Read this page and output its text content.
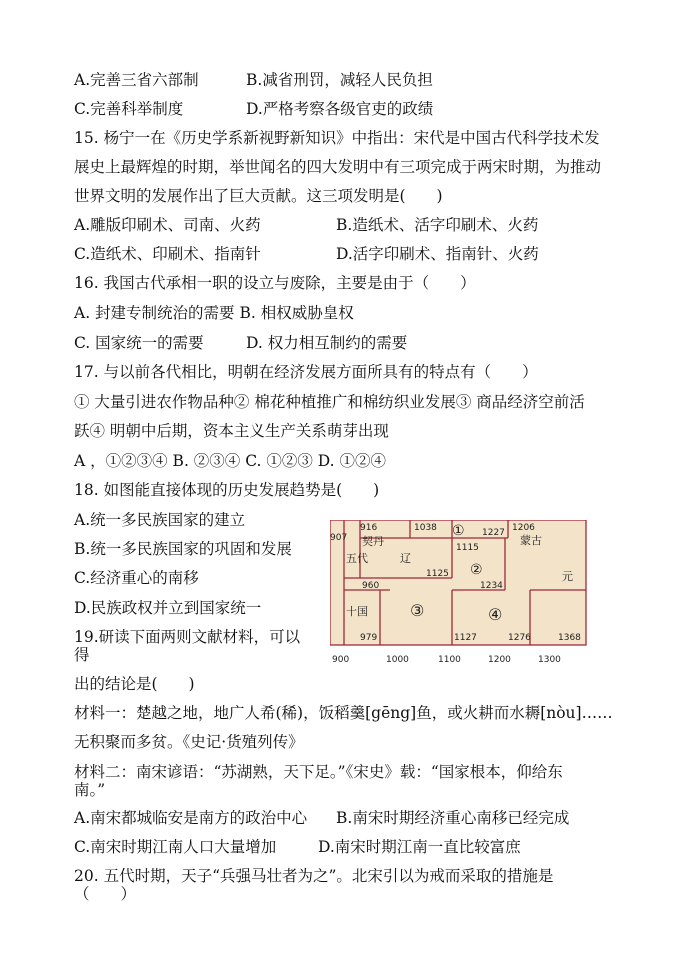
A.完善三省六部制	B.减省刑罚，减轻人民负担
C.完善科举制度	D.严格考察各级官吏的政绩
15. 杨宁一在《历史学系新视野新知识》中指出：宋代是中国古代科学技术发
展史上最辉煌的时期，举世闻名的四大发明中有三项完成于两宋时期，为推动
世界文明的发展作出了巨大贡献。这三项发明是(　　)
A.雕版印刷术、司南、火药	B.造纸术、活字印刷术、火药
C.造纸术、印刷术、指南针	D.活字印刷术、指南针、火药
16. 我国古代承相一职的设立与废除，主要是由于（　　）
A. 封建专制统治的需要 B. 相权威胁皇权
C. 国家统一的需要	D. 权力相互制约的需要
17. 与以前各代相比，明朝在经济发展方面所具有的特点有（　　）
① 大量引进农作物品种② 棉花种植推广和棉纺织业发展③ 商品经济空前活
跃④ 明朝中后期，资本主义生产关系萌芽出现
A ，①②③④ B. ②③④ C. ①②③ D. ①②④
18. 如图能直接体现的历史发展趋势是(　　)
A.统一多民族国家的建立
B.统一多民族国家的巩固和发展
C.经济重心的南移
D.民族政权并立到国家统一
907
916
契丹
1038 ① 1227 1206
蒙古
辽
1115
②
1125
1234
元
五代
960
十国	③	④
979	1127	1276	1368
900	1000	1100	1200	1300
19.研读下面两则文献材料，可以
得
出的结论是(　　)
材料一：楚越之地，地广人希(稀)，饭稻羹[gēng]鱼，或火耕而水耨[nòu]……
无积聚而多贫。《史记·货殖列传》
材料二：南宋谚语：“苏湖熟，天下足。”《宋史》载：“国家根本，仰给东
南。”
A.南宋都城临安是南方的政治中心 B.南宋时期经济重心南移已经完成
C.南宋时期江南人口大量增加	D.南宋时期江南一直比较富庶
20. 五代时期，天子“兵强马壮者为之”。北宋引以为戒而采取的措施是
（　　）
